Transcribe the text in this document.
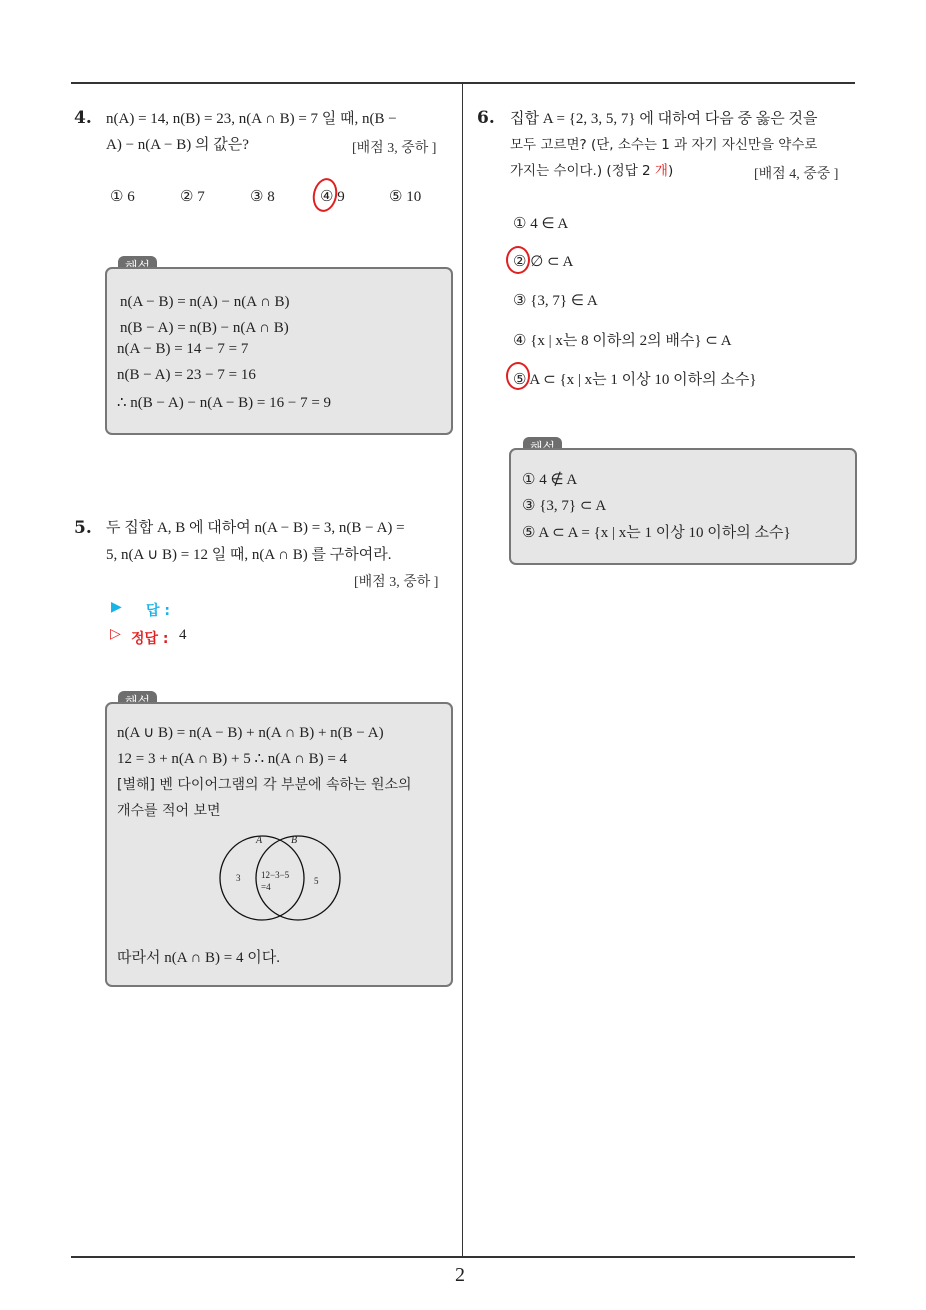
2
4. n(A) = 14, n(B) = 23, n(A ∩ B) = 7 일 때, n(B −
A) − n(A − B) 의 값은?	[배점 3, 중하 ]
① 6	② 7	③ 8	④ 9	⑤ 10
n(A − B) = n(A) − n(A ∩ B)
n(B − A) = n(B) − n(A ∩ B)
n(A − B) = 14 − 7 = 7
n(B − A) = 23 − 7 = 16
∴ n(B − A) − n(A − B) = 16 − 7 = 9
5. 두 집합 A, B 에 대하여 n(A − B) = 3, n(B − A) =
5, n(A ∪ B) = 12 일 때, n(A ∩ B) 를 구하여라.
[배점 3, 중하 ]
▶ 답 :
▷ 정답 : 4
n(A ∪ B) = n(A − B) + n(A ∩ B) + n(B − A)
12 = 3 + n(A ∩ B) + 5 ∴ n(A ∩ B) = 4
[별해] 벤 다이어그램의 각 부분에 속하는 원소의
개수를 적어 보면
A	B
3 12−3−5
=4
5
따라서 n(A ∩ B) = 4 이다.
6. 집합 A = {2, 3, 5, 7} 에 대하여 다음 중 옳은 것을
모두 고르면? (단, 소수는 1 과 자기 자신만을 약수로
가지는 수이다.) (정답 2 개)	[배점 4, 중중 ]
① 4 ∈ A
② ∅ ⊂ A
③ {3, 7} ∈ A
④ {x | x는 8 이하의 2의 배수} ⊂ A
⑤ A ⊂ {x | x는 1 이상 10 이하의 소수}
① 4 ∉ A
③ {3, 7} ⊂ A
⑤ A ⊂ A = {x | x는 1 이상 10 이하의 소수}
